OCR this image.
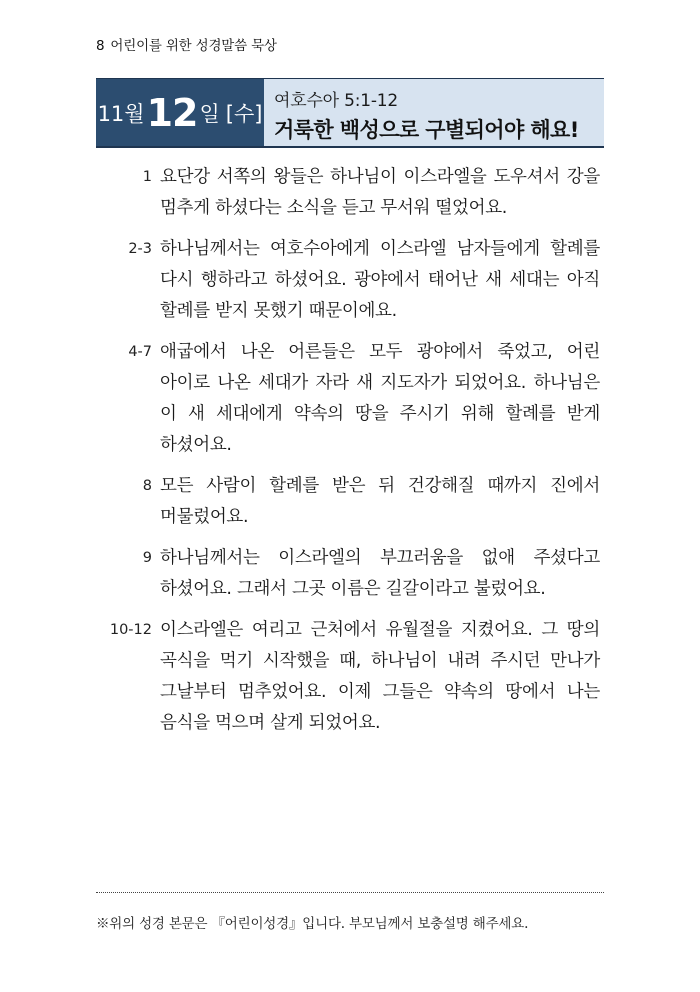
8 어린이를 위한 성경말씀 묵상
11월 12 일 [수]
여호수아 5:1-12
거룩한 백성으로 구별되어야 해요!
1 요단강 서쪽의 왕들은 하나님이 이스라엘을 도우셔서 강을 멈추게 하셨다는 소식을 듣고 무서워 떨었어요.
2-3 하나님께서는 여호수아에게 이스라엘 남자들에게 할례를 다시 행하라고 하셨어요. 광야에서 태어난 새 세대는 아직 할례를 받지 못했기 때문이에요.
4-7 애굽에서 나온 어른들은 모두 광야에서 죽었고, 어린 아이로 나온 세대가 자라 새 지도자가 되었어요. 하나님은 이 새 세대에게 약속의 땅을 주시기 위해 할례를 받게 하셨어요.
8 모든 사람이 할례를 받은 뒤 건강해질 때까지 진에서 머물렀어요.
9 하나님께서는 이스라엘의 부끄러움을 없애 주셨다고 하셨어요. 그래서 그곳 이름은 길갈이라고 불렀어요.
10-12 이스라엘은 여리고 근처에서 유월절을 지켰어요. 그 땅의 곡식을 먹기 시작했을 때, 하나님이 내려 주시던 만나가 그날부터 멈추었어요. 이제 그들은 약속의 땅에서 나는 음식을 먹으며 살게 되었어요.
※위의 성경 본문은 『어린이성경』입니다. 부모님께서 보충설명 해주세요.
